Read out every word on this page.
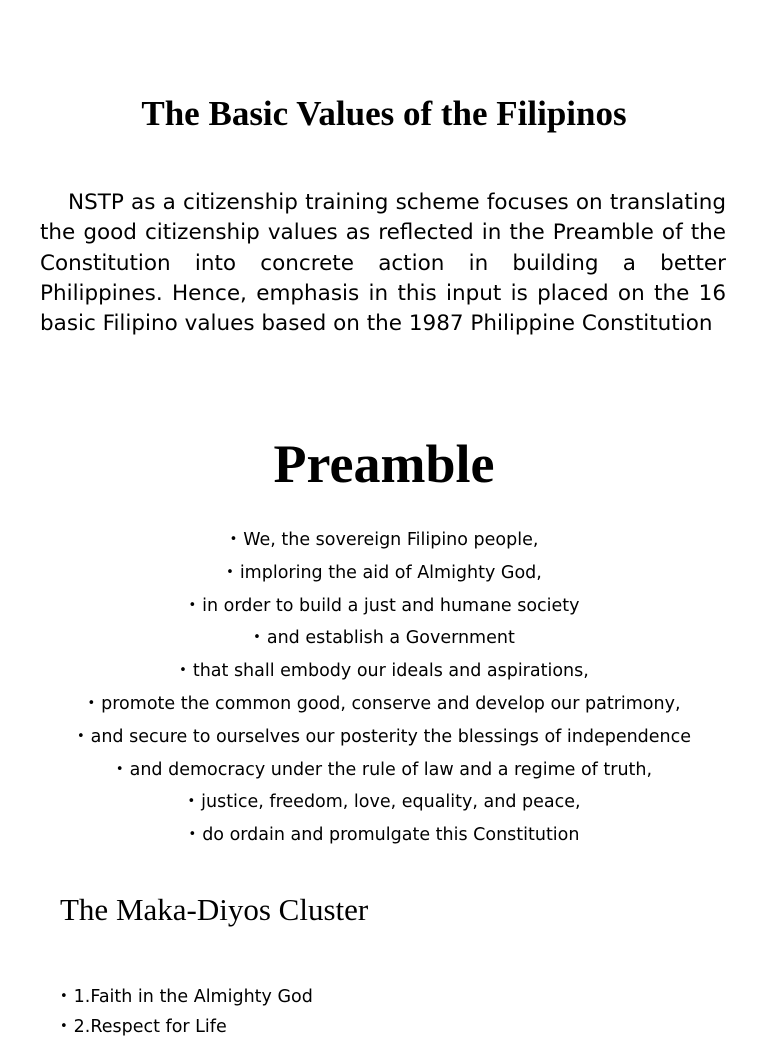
The Basic Values of the Filipinos

NSTP as a citizenship training scheme focuses on translating the good citizenship values as reflected in the Preamble of the Constitution into concrete action in building a better Philippines. Hence, emphasis in this input is placed on the 16 basic Filipino values based on the 1987 Philippine Constitution

Preamble
• We, the sovereign Filipino people,
• imploring the aid of Almighty God,
• in order to build a just and humane society
• and establish a Government
• that shall embody our ideals and aspirations,
• promote the common good, conserve and develop our patrimony,
• and secure to ourselves our posterity the blessings of independence
• and democracy under the rule of law and a regime of truth,
• justice, freedom, love, equality, and peace,
• do ordain and promulgate this Constitution
The Maka-Diyos Cluster
• 1.Faith in the Almighty God
• 2.Respect for Life
